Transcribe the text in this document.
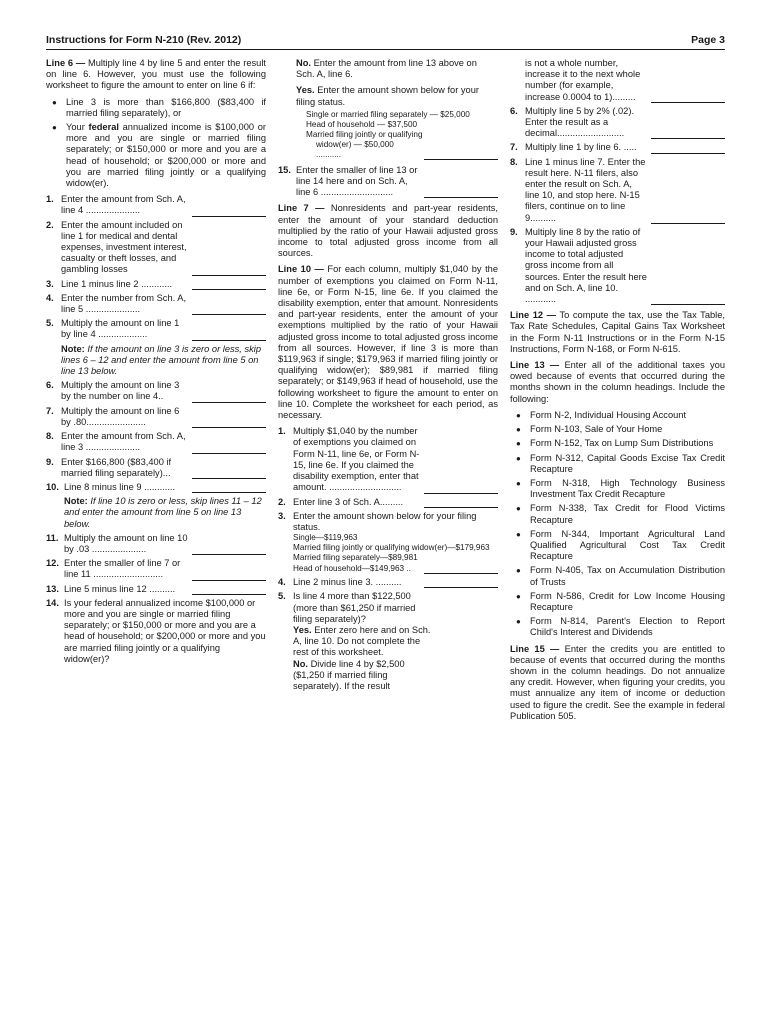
Instructions for Form N-210 (Rev. 2012)	Page 3

Line 6 — Multiply line 4 by line 5 and enter the result on line 6. However, you must use the following worksheet to figure the amount to enter on line 6 if:

● Line 3 is more than $166,800 ($83,400 if married filing separately), or
● Your federal annualized income is $100,000 or more and you are single or married filing separately; or $150,000 or more and you are a head of household; or $200,000 or more and you are married filing jointly or a qualifying widow(er).
1. Enter the amount from Sch. A, line 4 .....................
2. Enter the amount included on line 1 for medical and dental expenses, investment interest, casualty or theft losses, and gambling losses
3. Line 1 minus line 2 ............
4. Enter the number from Sch. A, line 5 .....................
5. Multiply the amount on line 1 by line 4 ...................
Note: If the amount on line 3 is zero or less, skip lines 6 – 12 and enter the amount from line 5 on line 13 below.
6. Multiply the amount on line 3 by the number on line 4..
7. Multiply the amount on line 6 by .80.......................
8. Enter the amount from Sch. A, line 3 .....................
9. Enter $166,800 ($83,400 if married filing separately)...
10. Line 8 minus line 9 ............
Note: If line 10 is zero or less, skip lines 11 – 12 and enter the amount from line 5 on line 13 below.
11. Multiply the amount on line 10 by .03 .....................
12. Enter the smaller of line 7 or line 11 ...........................
13. Line 5 minus line 12 ..........
14. Is your federal annualized income $100,000 or more and you are single or married filing separately; or $150,000 or more and you are a head of household; or $200,000 or more and you are married filing jointly or a qualifying widow(er)?

No. Enter the amount from line 13 above on Sch. A, line 6.

Yes. Enter the amount shown below for your filing status.

Single or married filing separately — $25,000
Head of household — $37,500
Married filing jointly or qualifying
widow(er) — $50,000 ...........
15. Enter the smaller of line 13 or line 14 here and on Sch. A, line 6 ............................

Line 7 — Nonresidents and part-year residents, enter the amount of your standard deduction multiplied by the ratio of your Hawaii adjusted gross income to total adjusted gross income from all sources.

Line 10 — For each column, multiply $1,040 by the number of exemptions you claimed on Form N-11, line 6e, or Form N-15, line 6e. If you claimed the disability exemption, enter that amount. Nonresidents and part-year residents, enter the amount of your exemptions multiplied by the ratio of your Hawaii adjusted gross income to total adjusted gross income from all sources. However, if line 3 is more than $119,963 if single; $179,963 if married filing jointly or qualifying widow(er); $89,981 if married filing separately; or $149,963 if head of household, use the following worksheet to figure the amount to enter on line 10. Complete the worksheet for each period, as necessary.

1. Multiply $1,040 by the number of exemptions you claimed on Form N-11, line 6e, or Form N-15, line 6e. If you claimed the disability exemption, enter that amount. ............................
2. Enter line 3 of Sch. A.........
3. Enter the amount shown below for your filing status.
Single—$119,963
Married filing jointly or qualifying widow(er)—$179,963
Married filing separately—$89,981
Head of household—$149,963 ..
4. Line 2 minus line 3. ..........
5. Is line 4 more than $122,500 (more than $61,250 if married filing separately)?
Yes. Enter zero here and on Sch. A, line 10. Do not complete the rest of this worksheet.
No. Divide line 4 by $2,500 ($1,250 if married filing separately). If the result
is not a whole number, increase it to the next whole number (for example, increase 0.0004 to 1).........
6. Multiply line 5 by 2% (.02). Enter the result as a decimal..........................
7. Multiply line 1 by line 6. .....
8. Line 1 minus line 7. Enter the result here. N-11 filers, also enter the result on Sch. A, line 10, and stop here. N-15 filers, continue on to line 9..........
9. Multiply line 8 by the ratio of your Hawaii adjusted gross income to total adjusted gross income from all sources. Enter the result here and on Sch. A, line 10. ............

Line 12 — To compute the tax, use the Tax Table, Tax Rate Schedules, Capital Gains Tax Worksheet in the Form N-11 Instructions or in the Form N-15 Instructions, Form N-168, or Form N-615.

Line 13 — Enter all of the additional taxes you owed because of events that occurred during the months shown in the column headings. Include the following:

● Form N-2, Individual Housing Account
● Form N-103, Sale of Your Home
● Form N-152, Tax on Lump Sum Distributions
● Form N-312, Capital Goods Excise Tax Credit Recapture
● Form N-318, High Technology Business Investment Tax Credit Recapture
● Form N-338, Tax Credit for Flood Victims Recapture
● Form N-344, Important Agricultural Land Qualified Agricultural Cost Tax Credit Recapture
● Form N-405, Tax on Accumulation Distribution of Trusts
● Form N-586, Credit for Low Income Housing Recapture
● Form N-814, Parent's Election to Report Child's Interest and Dividends

Line 15 — Enter the credits you are entitled to because of events that occurred during the months shown in the column headings. Do not annualize any credit. However, when figuring your credits, you must annualize any item of income or deduction used to figure the credit. See the example in federal Publication 505.
